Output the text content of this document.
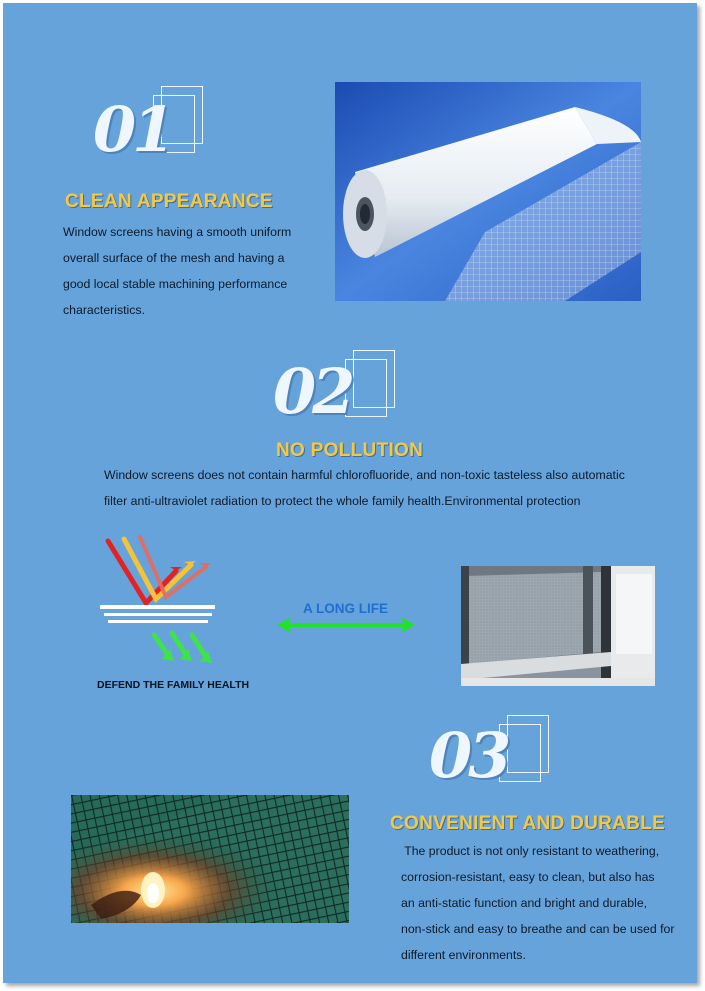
01
CLEAN APPEARANCE
Window screens having a smooth uniform
overall surface of the mesh and having a
good local stable machining performance
characteristics.
02
NO POLLUTION
Window screens does not contain harmful chlorofluoride, and non-toxic tasteless also automatic
filter anti-ultraviolet radiation to protect the whole family health.Environmental protection
DEFEND THE FAMILY HEALTH
A LONG LIFE
03
CONVENIENT AND DURABLE
The product is not only resistant to weathering,
corrosion-resistant, easy to clean, but also has
an anti-static function and bright and durable,
non-stick and easy to breathe and can be used for
different environments.
